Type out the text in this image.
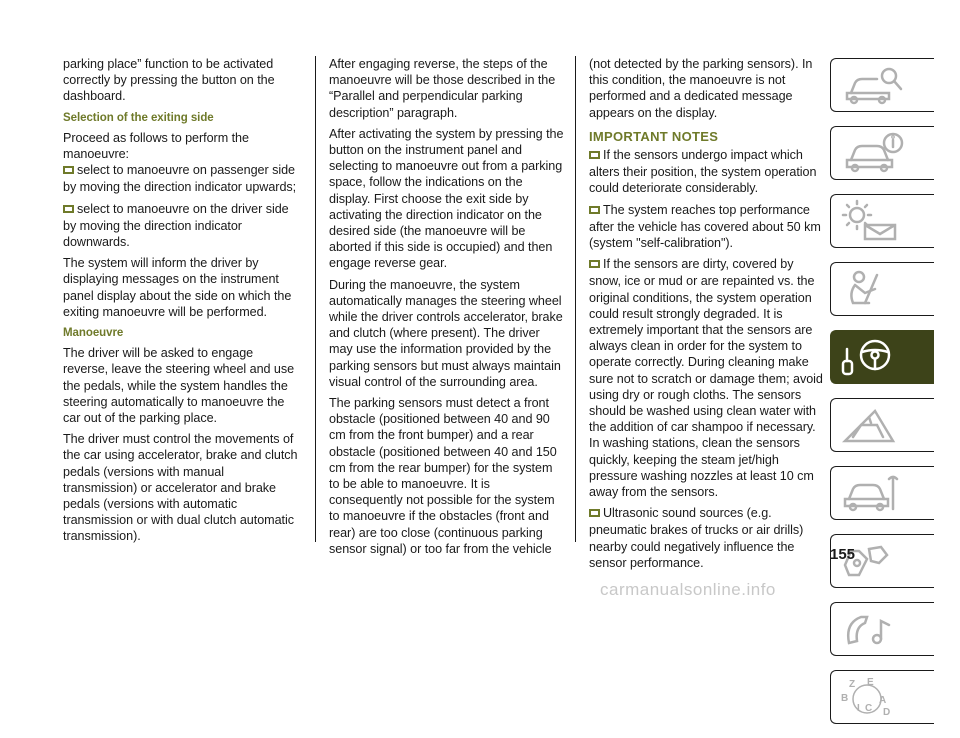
parking place” function to be activated correctly by pressing the button on the dashboard.

Selection of the exiting side

Proceed as follows to perform the manoeuvre:

select to manoeuvre on passenger side by moving the direction indicator upwards;

select to manoeuvre on the driver side by moving the direction indicator downwards.

The system will inform the driver by displaying messages on the instrument panel display about the side on which the exiting manoeuvre will be performed.

Manoeuvre

The driver will be asked to engage reverse, leave the steering wheel and use the pedals, while the system handles the steering automatically to manoeuvre the car out of the parking place.

The driver must control the movements of the car using accelerator, brake and clutch pedals (versions with manual transmission) or accelerator and brake pedals (versions with automatic transmission or with dual clutch automatic transmission).

After engaging reverse, the steps of the manoeuvre will be those described in the “Parallel and perpendicular parking description” paragraph.

After activating the system by pressing the button on the instrument panel and selecting to manoeuvre out from a parking space, follow the indications on the display. First choose the exit side by activating the direction indicator on the desired side (the manoeuvre will be aborted if this side is occupied) and then engage reverse gear.

During the manoeuvre, the system automatically manages the steering wheel while the driver controls accelerator, brake and clutch (where present). The driver may use the information provided by the parking sensors but must always maintain visual control of the surrounding area.

The parking sensors must detect a front obstacle (positioned between 40 and 90 cm from the front bumper) and a rear obstacle (positioned between 40 and 150 cm from the rear bumper) for the system to be able to manoeuvre. It is consequently not possible for the system to manoeuvre if the obstacles (front and rear) are too close (continuous parking sensor signal) or too far from the vehicle

(not detected by the parking sensors). In this condition, the manoeuvre is not performed and a dedicated message appears on the display.

IMPORTANT NOTES

If the sensors undergo impact which alters their position, the system operation could deteriorate considerably.

The system reaches top performance after the vehicle has covered about 50 km (system "self-calibration").

If the sensors are dirty, covered by snow, ice or mud or are repainted vs. the original conditions, the system operation could result strongly degraded. It is extremely important that the sensors are always clean in order for the system to operate correctly. During cleaning make sure not to scratch or damage them; avoid using dry or rough cloths. The sensors should be washed using clean water with the addition of car shampoo if necessary. In washing stations, clean the sensors quickly, keeping the steam jet/high pressure washing nozzles at least 10 cm away from the sensors.

Ultrasonic sound sources (e.g. pneumatic brakes of trucks or air drills) nearby could negatively influence the sensor performance.

Z E
B
I C
A
D
155
carmanualsonline.info
